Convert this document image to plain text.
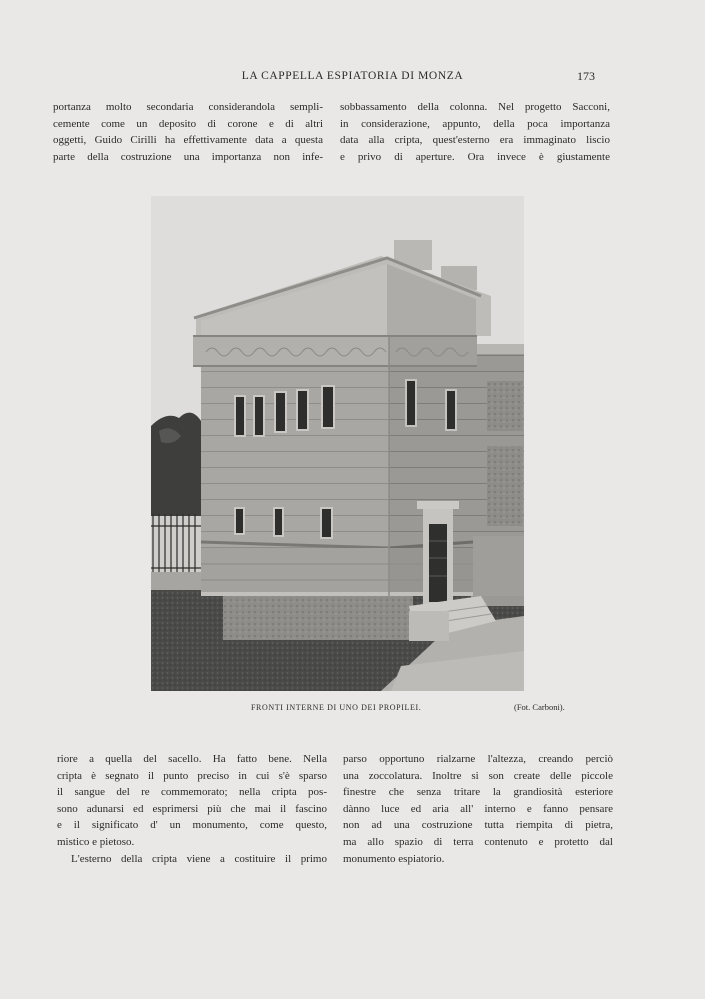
LA CAPPELLA ESPIATORIA DI MONZA	173
portanza molto secondaria considerandola sempli-
cemente come un deposito di corone e di altri
oggetti, Guido Cirilli ha effettivamente data a questa
parte della costruzione una importanza non infe-
sobbassamento della colonna. Nel progetto Sacconi,
in considerazione, appunto, della poca importanza
data alla cripta, quest'esterno era immaginato liscio
e privo di aperture. Ora invece è giustamente
FRONTI INTERNE DI UNO DEI PROPILEI.	(Fot. Carboni).
riore a quella del sacello. Ha fatto bene. Nella
cripta è segnato il punto preciso in cui s'è sparso
il sangue del re commemorato; nella cripta pos-
sono adunarsi ed esprimersi più che mai il fascino
e il significato d' un monumento, come questo,
mistico e pietoso.
L'esterno della cripta viene a costituire il primo
parso opportuno rialzarne l'altezza, creando perciò
una zoccolatura. Inoltre si son create delle piccole
finestre che senza tritare la grandiosità esteriore
dànno luce ed aria all' interno e fanno pensare
non ad una costruzione tutta riempita di pietra,
ma allo spazio di terra contenuto e protetto dal
monumento espiatorio.
